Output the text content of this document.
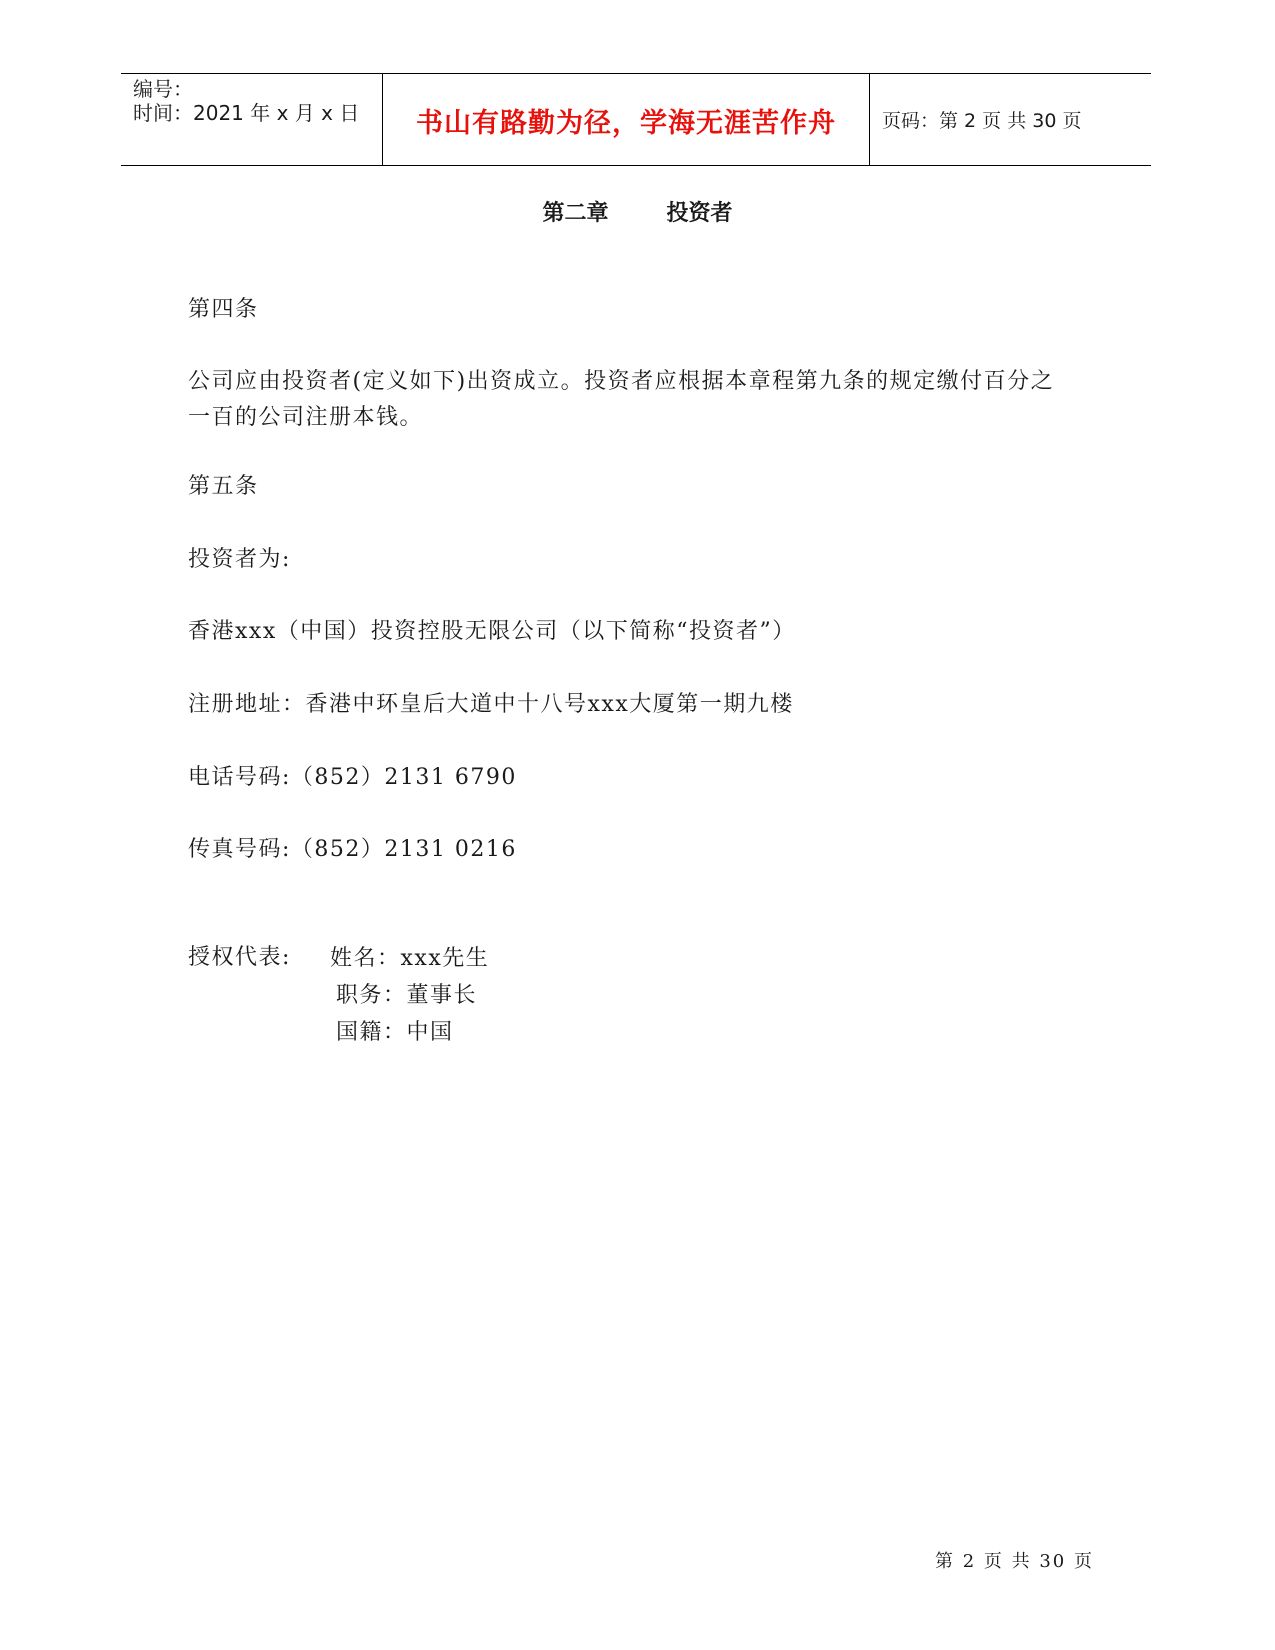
编号：
时间：2021 年 x 月 x 日	书山有路勤为径，学海无涯苦作舟 页码：第 2 页 共 30 页
第二章	投资者
第四条
公司应由投资者(定义如下)出资成立。投资者应根据本章程第九条的规定缴付百分之
一百的公司注册本钱。
第五条
投资者为:
香港xxx（中国）投资控股无限公司（以下简称“投资者”）
注册地址：香港中环皇后大道中十八号xxx大厦第一期九楼
电话号码:（852）2131 6790
传真号码:（852）2131 0216
授权代表: 姓名：xxx先生
职务：董事长
国籍：中国
第 2 页 共 30 页
